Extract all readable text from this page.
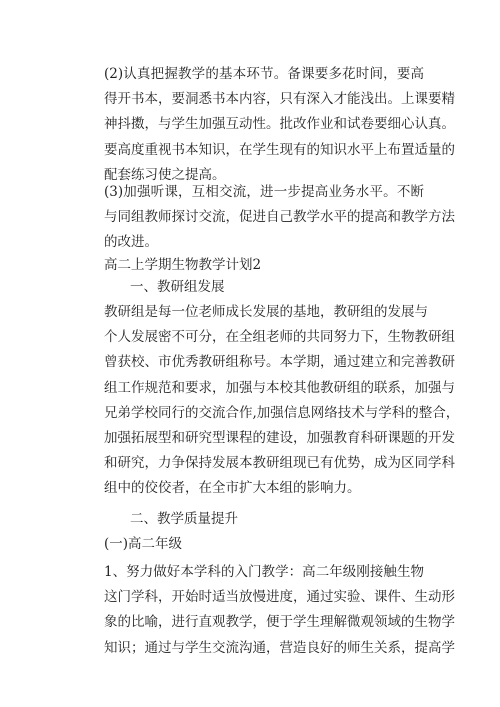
(2)认真把握教学的基本环节。备课要多花时间，要高
得开书本，要洞悉书本内容，只有深入才能浅出。上课要精
神抖擞，与学生加强互动性。批改作业和试卷要细心认真。
要高度重视书本知识，在学生现有的知识水平上布置适量的
配套练习使之提高。
(3)加强听课，互相交流，进一步提高业务水平。不断
与同组教师探讨交流，促进自己教学水平的提高和教学方法
的改进。
高二上学期生物教学计划2
一、教研组发展
教研组是每一位老师成长发展的基地，教研组的发展与
个人发展密不可分，在全组老师的共同努力下，生物教研组
曾获校、市优秀教研组称号。本学期，通过建立和完善教研
组工作规范和要求，加强与本校其他教研组的联系，加强与
兄弟学校同行的交流合作,加强信息网络技术与学科的整合，
加强拓展型和研究型课程的建设，加强教育科研课题的开发
和研究，力争保持发展本教研组现已有优势，成为区同学科
组中的佼佼者，在全市扩大本组的影响力。
二、教学质量提升
(一)高二年级
1、努力做好本学科的入门教学：高二年级刚接触生物
这门学科，开始时适当放慢进度，通过实验、课件、生动形
象的比喻，进行直观教学，便于学生理解微观领域的生物学
知识；通过与学生交流沟通，营造良好的师生关系，提高学
